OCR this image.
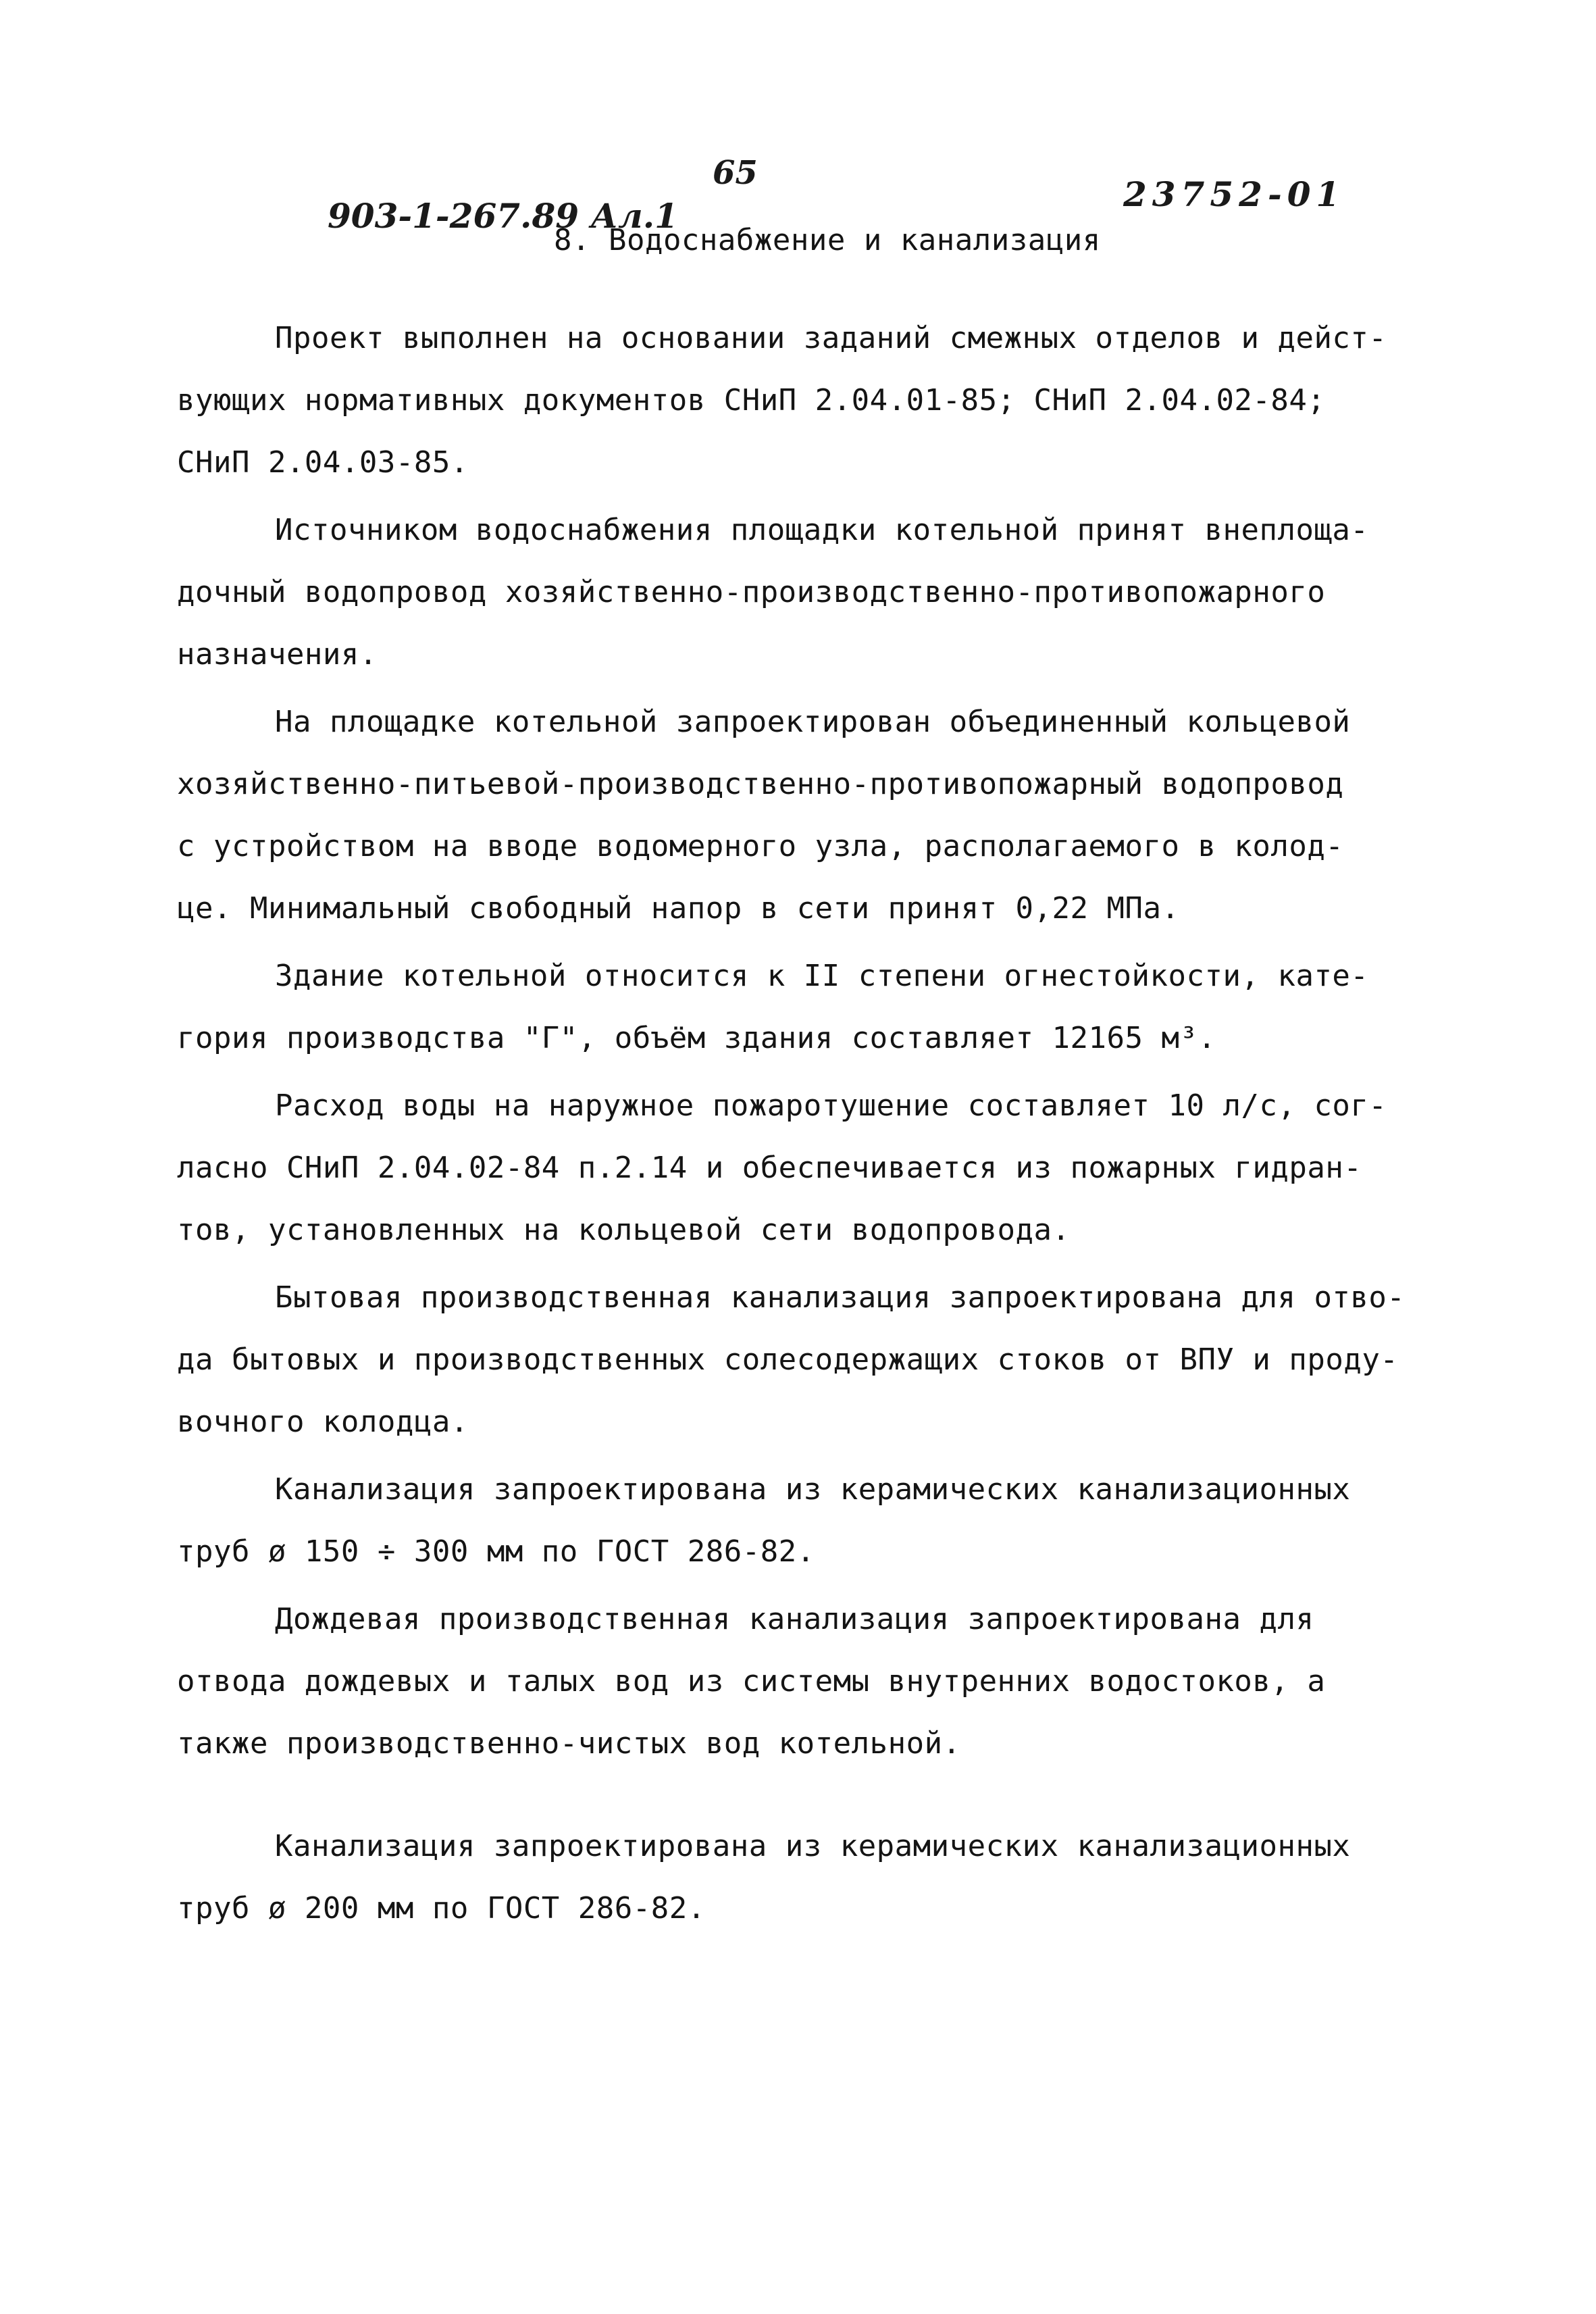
65
903-1-267.89 Ал.1
23752-01
8. Водоснабжение и канализация
Проект выполнен на основании заданий смежных отделов и дейст-
вующих нормативных документов СНиП 2.04.01-85; СНиП 2.04.02-84;
СНиП 2.04.03-85.
Источником водоснабжения площадки котельной принят внеплоща-
дочный водопровод хозяйственно-производственно-противопожарного
назначения.
На площадке котельной запроектирован объединенный кольцевой
хозяйственно-питьевой-производственно-противопожарный водопровод
с устройством на вводе водомерного узла, располагаемого в колод-
це. Минимальный свободный напор в сети принят 0,22 МПа.
Здание котельной относится к II степени огнестойкости, кате-
гория производства "Г", объём здания составляет 12165 м³.
Расход воды на наружное пожаротушение составляет 10 л/с, сог-
ласно СНиП 2.04.02-84 п.2.14 и обеспечивается из пожарных гидран-
тов, установленных на кольцевой сети водопровода.
Бытовая производственная канализация запроектирована для отво-
да бытовых и производственных солесодержащих стоков от ВПУ и проду-
вочного колодца.
Канализация запроектирована из керамических канализационных
труб ø 150 ÷ 300 мм по ГОСТ 286-82.
Дождевая производственная канализация запроектирована для
отвода дождевых и талых вод из системы внутренних водостоков, а
также производственно-чистых вод котельной.
Канализация запроектирована из керамических канализационных
труб ø 200 мм по ГОСТ 286-82.
